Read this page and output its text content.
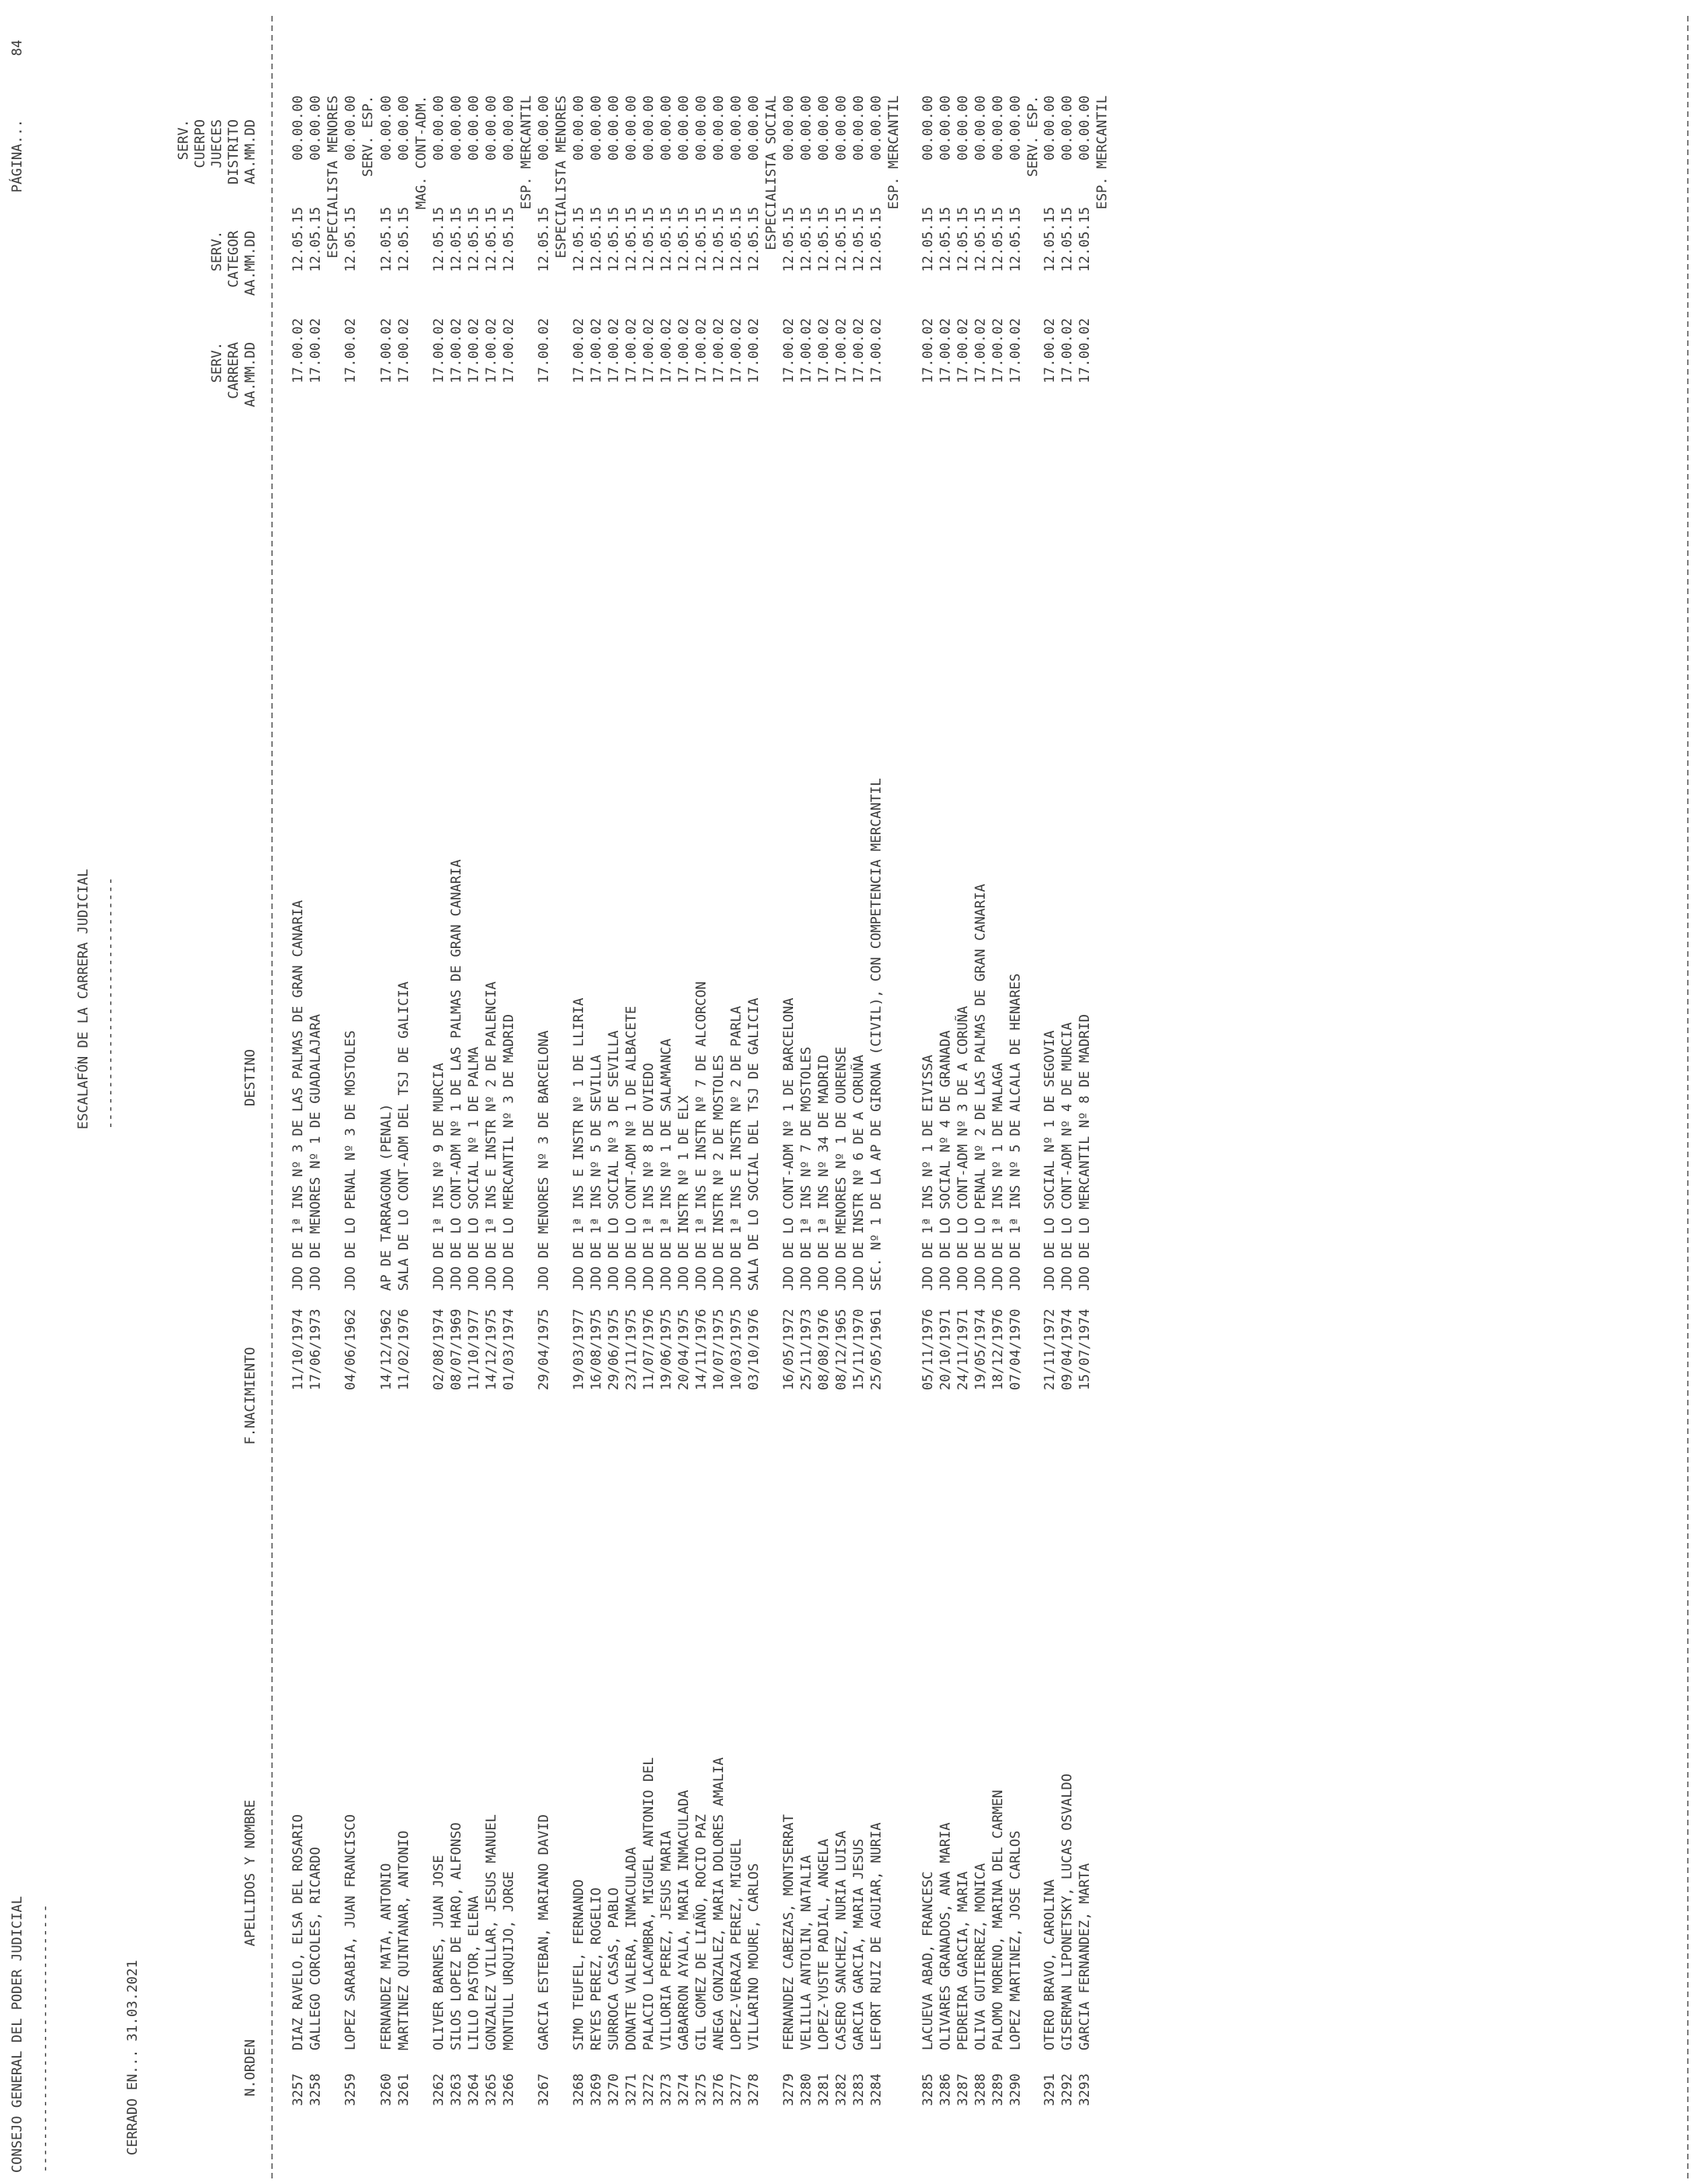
CONSEJO GENERAL DEL PODER JUDICIAL ---------------------------------
ESCALAFÓN DE LA CARRERA JUDICIAL -------------------------------
PÁGINA...
84
CERRADO EN... 31.03.2021	N.ORDEN
APELLIDOS Y NOMBRE
F.NACIMIENTO
DESTINO
SERV. CARRERA AA.MM.DD
SERV. CATEGOR AA.MM.DD
SERV. CUERPO JUECES DISTRITO AA.MM.DD
3257
DIAZ RAVELO, ELSA DEL ROSARIO
11/10/1974
JDO DE 1ª INS Nº 3 DE LAS PALMAS DE GRAN CANARIA
17.00.02
12.05.15
00.00.00
3258
GALLEGO CORCOLES, RICARDO
17/06/1973
JDO DE MENORES Nº 1 DE GUADALAJARA
17.00.02
12.05.15
00.00.00 ESPECIALISTA MENORES
3259
LOPEZ SARABIA, JUAN FRANCISCO
04/06/1962
JDO DE LO PENAL Nº 3 DE MOSTOLES
17.00.02
12.05.15
00.00.00 SERV. ESP.
3260
FERNANDEZ MATA, ANTONIO
14/12/1962
AP DE TARRAGONA (PENAL)
17.00.02
12.05.15
00.00.00
3261
MARTINEZ QUINTANAR, ANTONIO
11/02/1976
SALA DE LO CONT-ADM DEL TSJ DE GALICIA
17.00.02
12.05.15
00.00.00 MAG. CONT-ADM.
3262
OLIVER BARNES, JUAN JOSE
02/08/1974
JDO DE 1ª INS Nº 9 DE MURCIA
17.00.02
12.05.15
00.00.00
3263
SILOS LOPEZ DE HARO, ALFONSO
08/07/1969
JDO DE LO CONT-ADM Nº 1 DE LAS PALMAS DE GRAN CANARIA
17.00.02
12.05.15
00.00.00
3264
LILLO PASTOR, ELENA
11/10/1977
JDO DE LO SOCIAL Nº 1 DE PALMA
17.00.02
12.05.15
00.00.00
3265
GONZALEZ VILLAR, JESUS MANUEL
14/12/1975
JDO DE 1ª INS E INSTR Nº 2 DE PALENCIA
17.00.02
12.05.15
00.00.00
3266
MONTULL URQUIJO, JORGE
01/03/1974
JDO DE LO MERCANTIL Nº 3 DE MADRID
17.00.02
12.05.15
00.00.00 ESP. MERCANTIL
3267
GARCIA ESTEBAN, MARIANO DAVID
29/04/1975
JDO DE MENORES Nº 3 DE BARCELONA
17.00.02
12.05.15
00.00.00 ESPECIALISTA MENORES
3268
SIMO TEUFEL, FERNANDO
19/03/1977
JDO DE 1ª INS E INSTR Nº 1 DE LLIRIA
17.00.02
12.05.15
00.00.00
3269
REYES PEREZ, ROGELIO
16/08/1975
JDO DE 1ª INS Nº 5 DE SEVILLA
17.00.02
12.05.15
00.00.00
3270
SURROCA CASAS, PABLO
29/06/1975
JDO DE LO SOCIAL Nº 3 DE SEVILLA
17.00.02
12.05.15
00.00.00
3271
DONATE VALERA, INMACULADA
23/11/1975
JDO DE LO CONT-ADM Nº 1 DE ALBACETE
17.00.02
12.05.15
00.00.00
3272
PALACIO LACAMBRA, MIGUEL ANTONIO DEL
11/07/1976
JDO DE 1ª INS Nº 8 DE OVIEDO
17.00.02
12.05.15
00.00.00
3273
VILLORIA PEREZ, JESUS MARIA
19/06/1975
JDO DE 1ª INS Nº 1 DE SALAMANCA
17.00.02
12.05.15
00.00.00
3274
GABARRON AYALA, MARIA INMACULADA
20/04/1975
JDO DE INSTR Nº 1 DE ELX
17.00.02
12.05.15
00.00.00
3275
GIL GOMEZ DE LIAÑO, ROCIO PAZ
14/11/1976
JDO DE 1ª INS E INSTR Nº 7 DE ALCORCON
17.00.02
12.05.15
00.00.00
3276
ANEGA GONZALEZ, MARIA DOLORES AMALIA
10/07/1975
JDO DE INSTR Nº 2 DE MOSTOLES
17.00.02
12.05.15
00.00.00
3277
LOPEZ-VERAZA PEREZ, MIGUEL
10/03/1975
JDO DE 1ª INS E INSTR Nº 2 DE PARLA
17.00.02
12.05.15
00.00.00
3278
VILLARINO MOURE, CARLOS
03/10/1976
SALA DE LO SOCIAL DEL TSJ DE GALICIA
17.00.02
12.05.15
00.00.00 ESPECIALISTA SOCIAL
3279
FERNANDEZ CABEZAS, MONTSERRAT
16/05/1972
JDO DE LO CONT-ADM Nº 1 DE BARCELONA
17.00.02
12.05.15
00.00.00
3280
VELILLA ANTOLIN, NATALIA
25/11/1973
JDO DE 1ª INS Nº 7 DE MOSTOLES
17.00.02
12.05.15
00.00.00
3281
LOPEZ-YUSTE PADIAL, ANGELA
08/08/1976
JDO DE 1ª INS Nº 34 DE MADRID
17.00.02
12.05.15
00.00.00
3282
CASERO SANCHEZ, NURIA LUISA
08/12/1965
JDO DE MENORES Nº 1 DE OURENSE
17.00.02
12.05.15
00.00.00
3283
GARCIA GARCIA, MARIA JESUS
15/11/1970
JDO DE INSTR Nº 6 DE A CORUÑA
17.00.02
12.05.15
00.00.00
3284
LEFORT RUIZ DE AGUIAR, NURIA
25/05/1961
SEC. Nº 1 DE LA AP DE GIRONA (CIVIL), CON COMPETENCIA MERCANTIL
17.00.02
12.05.15
00.00.00 ESP. MERCANTIL
3285
LACUEVA ABAD, FRANCESC
05/11/1976
JDO DE 1ª INS Nº 1 DE EIVISSA
17.00.02
12.05.15
00.00.00
3286
OLIVARES GRANADOS, ANA MARIA
20/10/1971
JDO DE LO SOCIAL Nº 4 DE GRANADA
17.00.02
12.05.15
00.00.00
3287
PEDREIRA GARCIA, MARIA
24/11/1971
JDO DE LO CONT-ADM Nº 3 DE A CORUÑA
17.00.02
12.05.15
00.00.00
3288
OLIVA GUTIERREZ, MONICA
19/05/1974
JDO DE LO PENAL Nº 2 DE LAS PALMAS DE GRAN CANARIA
17.00.02
12.05.15
00.00.00
3289
PALOMO MORENO, MARINA DEL CARMEN
18/12/1976
JDO DE 1ª INS Nº 1 DE MALAGA
17.00.02
12.05.15
00.00.00
3290
LOPEZ MARTINEZ, JOSE CARLOS
07/04/1970
JDO DE 1ª INS Nº 5 DE ALCALA DE HENARES
17.00.02
12.05.15
00.00.00 SERV. ESP.
3291
OTERO BRAVO, CAROLINA
21/11/1972
JDO DE LO SOCIAL Nº 1 DE SEGOVIA
17.00.02
12.05.15
00.00.00
3292
GISERMAN LIPONETSKY, LUCAS OSVALDO
09/04/1974
JDO DE LO CONT-ADM Nº 4 DE MURCIA
17.00.02
12.05.15
00.00.00
3293
GARCIA FERNANDEZ, MARTA
15/07/1974
JDO DE LO MERCANTIL Nº 8 DE MADRID
17.00.02
12.05.15
00.00.00 ESP. MERCANTIL
